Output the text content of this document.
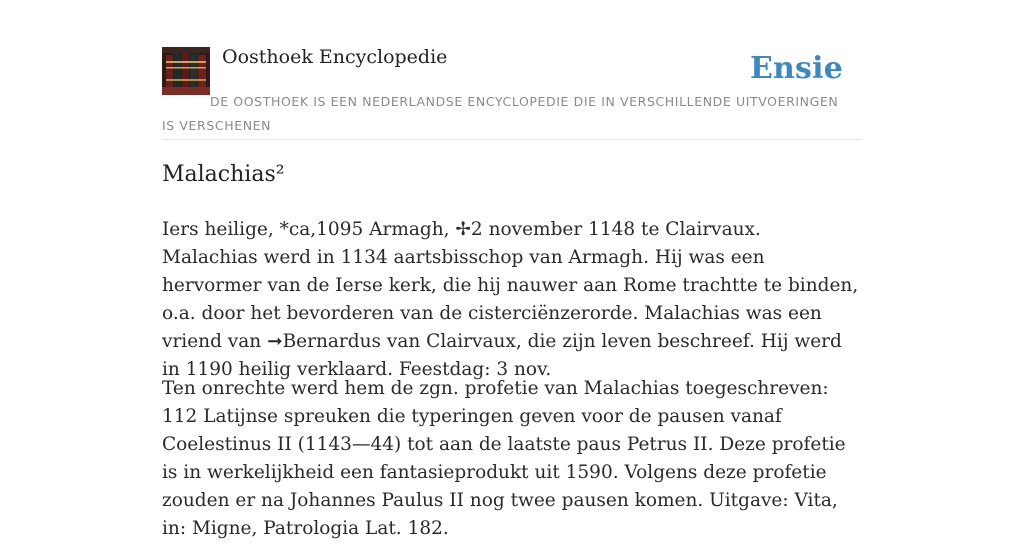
Oosthoek Encyclopedie	Ensie
DE OOSTHOEK IS EEN NEDERLANDSE ENCYCLOPEDIE DIE IN VERSCHILLENDE UITVOERINGEN IS VERSCHENEN
Malachias²

Iers heilige, *ca,1095 Armagh, ✢2 november 1148 te Clairvaux. Malachias werd in 1134 aartsbisschop van Armagh. Hij was een hervormer van de Ierse kerk, die hij nauwer aan Rome trachtte te binden, o.a. door het bevorderen van de cisterciënzerorde. Malachias was een vriend van ➞Bernardus van Clairvaux, die zijn leven beschreef. Hij werd in 1190 heilig verklaard. Feestdag: 3 nov.

Ten onrechte werd hem de zgn. profetie van Malachias toegeschreven: 112 Latijnse spreuken die typeringen geven voor de pausen vanaf Coelestinus II (1143—44) tot aan de laatste paus Petrus II. Deze profetie is in werkelijkheid een fantasieprodukt uit 1590. Volgens deze profetie zouden er na Johannes Paulus II nog twee pausen komen. Uitgave: Vita, in: Migne, Patrologia Lat. 182.
